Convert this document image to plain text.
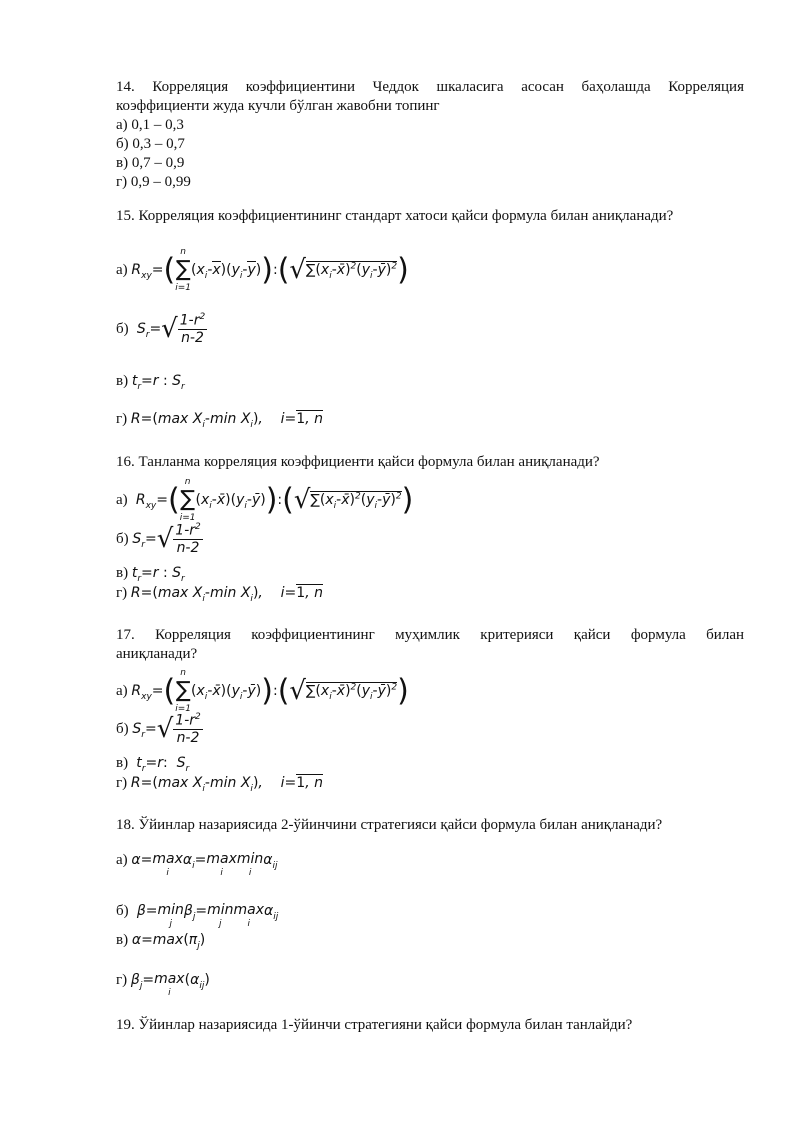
14. Корреляция коэффициентини Чеддок шкаласига асосан баҳолашда Корреляция
коэффициенти жуда кучли бўлган жавобни топинг
а) 0,1 – 0,3
б) 0,3 – 0,7
в) 0,7 – 0,9
г) 0,9 – 0,99
15. Корреляция коэффициентининг стандарт хатоси қайси формула билан аниқланади?
а) $R_{xy}=$(
n
∑
i=1
$(x_i-x)(y_i-y)):(√\sum(x_i-x̄)^2(y_i-ȳ)^2)$
б)  $S_r=√ \frac{1-r^2}{n-2}$
в) $t_r=r$ : $S_r$
г) R=(max $X_i-\min$ $X_i$),    i=1, n
16. Танланма корреляция коэффициенти қайси формула билан аниқланади?
а)  $R_{xy}=$(
n
∑
i=1
$(x_i-x̄)(y_i-ȳ)):(√\sum(x_i-x̄)^2(y_i-ȳ)^2)$
б) $S_r=√ \frac{1-r^2}{n-2}$
в) $t_r=r$ : $S_r$
г) R=(max $X_i-\min$ $X_i$),    i=1, n
17. Корреляция коэффициентининг муҳимлик критерияси қайси формула билан
аниқланади?
а) $R_{xy}=$(
n
∑
i=1
$(x_i-x̄)(y_i-ȳ)):(√\sum(x_i-x̄)^2(y_i-ȳ)^2)$
б) $S_r=√ \frac{1-r^2}{n-2}$
в)  $t_r=r$:  $S_r$
г) R=(max $X_i-\min$ $X_i$),    i=1, n
18. Ўйинлар назариясида 2-ўйинчини стратегияси қайси формула билан аниқланади?
а) α=max
i
$\alpha_i=\max$
i
min
i
$\alpha_{ij}$
б)  β=min
j
$\beta_j=\min$
j
max
i
$\alpha_{ij}$
в) $\alpha=\max(\pi_j)$
г) $\beta_j=\max$
i
$(\alpha_{ij})$
19. Ўйинлар назариясида 1-ўйинчи стратегияни қайси формула билан танлайди?
